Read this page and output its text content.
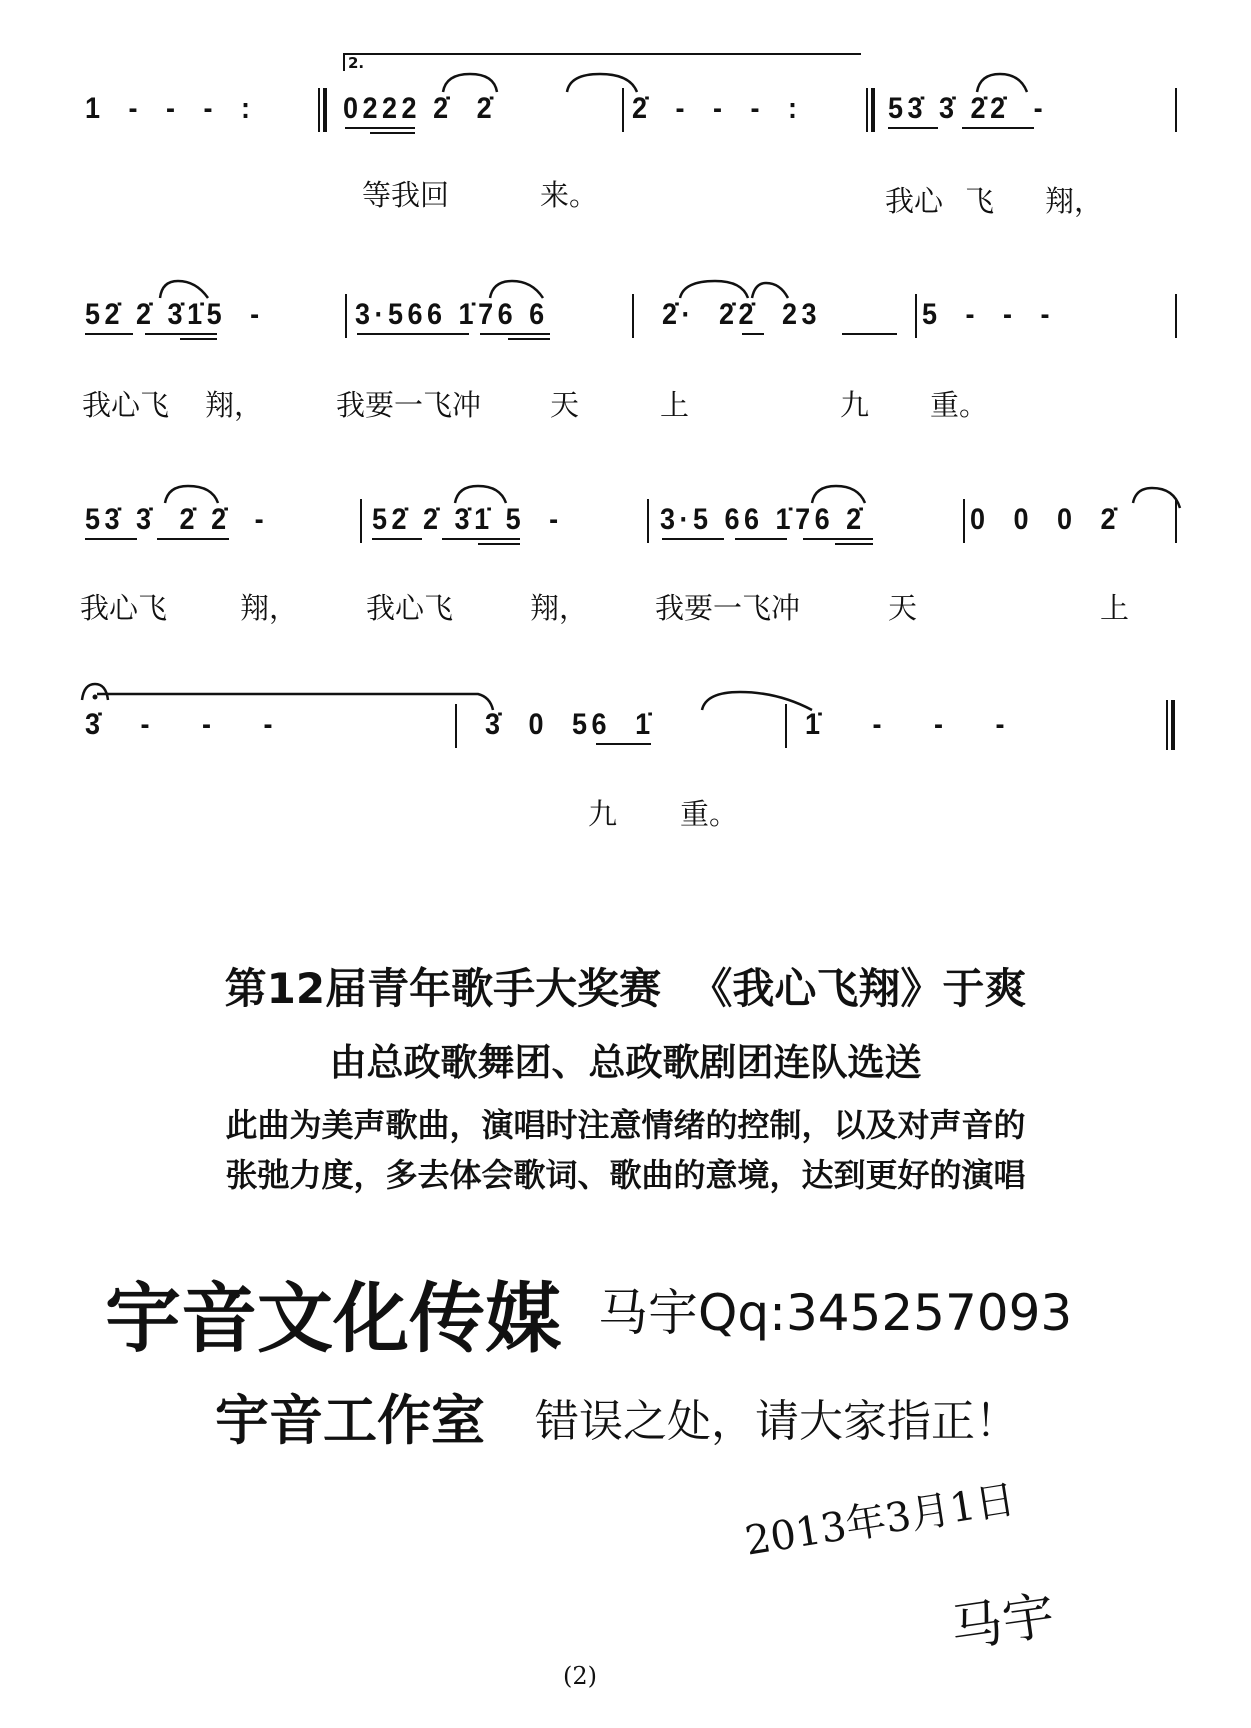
2.
1  -  -  -  :	0222 2̇  2̇	2̇  -  -  -  :	53̇ 3̇ 2̇2̇  -
等我回	来。	我心 飞 翔，
52̇ 2̇ 3̇1̇5  -	3·566 1̇76 6	2̇·  2̇2̇  23	5  -  -  -
我心飞 翔，	我要一飞冲 天	上	九 重。
53̇ 3̇  2̇ 2̇  -	52̇ 2̇ 3̇1̇ 5  -	3·5 66 1̇76 2̇	0  0  0  2̇
我心飞	翔， 我心飞	翔， 我要一飞冲	天	上
3̇   -    -    -	3̇  0  56  1̇	1̇    -    -    -
九 重。
第12届青年歌手大奖赛  《我心飞翔》于爽
由总政歌舞团、总政歌剧团连队选送
此曲为美声歌曲，演唱时注意情绪的控制，以及对声音的
张弛力度，多去体会歌词、歌曲的意境，达到更好的演唱
宇音文化传媒 马宇Qq:345257093
宇音工作室 错误之处，请大家指正！
2013年3月1日
马宇
(2)
